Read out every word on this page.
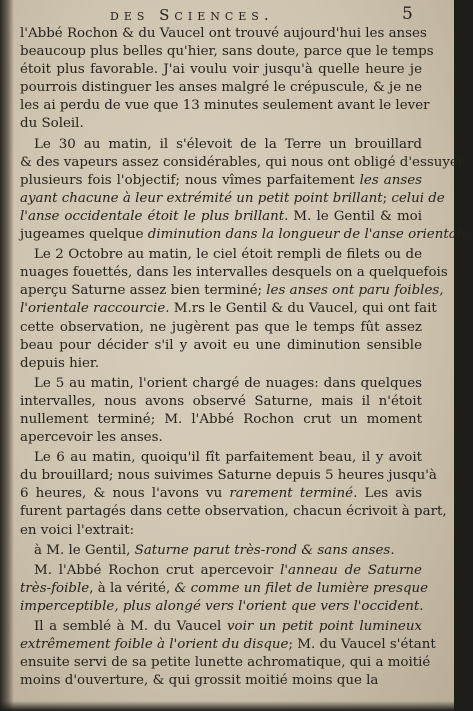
des Sciences.	5
l'Abbé Rochon & du Vaucel ont trouvé aujourd'hui les anses
beaucoup plus belles qu'hier, sans doute, parce que le temps
étoit plus favorable. J'ai voulu voir jusqu'à quelle heure je
pourrois distinguer les anses malgré le crépuscule, & je ne
les ai perdu de vue que 13 minutes seulement avant le lever
du Soleil.
Le 30 au matin, il s'élevoit de la Terre un brouillard
& des vapeurs assez considérables, qui nous ont obligé d'essuyer
plusieurs fois l'objectif; nous vîmes parfaitement les anses
ayant chacune à leur extrémité un petit point brillant; celui de
l'anse occidentale étoit le plus brillant. M. le Gentil & moi
jugeames quelque diminution dans la longueur de l'anse orientale.
Le 2 Octobre au matin, le ciel étoit rempli de filets ou de
nuages fouettés, dans les intervalles desquels on a quelquefois
aperçu Saturne assez bien terminé; les anses ont paru foibles,
l'orientale raccourcie. M.rs le Gentil & du Vaucel, qui ont fait
cette observation, ne jugèrent pas que le temps fût assez
beau pour décider s'il y avoit eu une diminution sensible
depuis hier.
Le 5 au matin, l'orient chargé de nuages: dans quelques
intervalles, nous avons observé Saturne, mais il n'étoit
nullement terminé; M. l'Abbé Rochon crut un moment
apercevoir les anses.
Le 6 au matin, quoiqu'il fît parfaitement beau, il y avoit
du brouillard; nous suivimes Saturne depuis 5 heures jusqu'à
6 heures, & nous l'avons vu rarement terminé. Les avis
furent partagés dans cette observation, chacun écrivoit à part,
en voici l'extrait:
à M. le Gentil, Saturne parut très-rond & sans anses.
M. l'Abbé Rochon crut apercevoir l'anneau de Saturne
très-foible, à la vérité, & comme un filet de lumière presque
imperceptible, plus alongé vers l'orient que vers l'occident.
Il a semblé à M. du Vaucel voir un petit point lumineux
extrêmement foible à l'orient du disque; M. du Vaucel s'étant
ensuite servi de sa petite lunette achromatique, qui a moitié
moins d'ouverture, & qui grossit moitié moins que la
